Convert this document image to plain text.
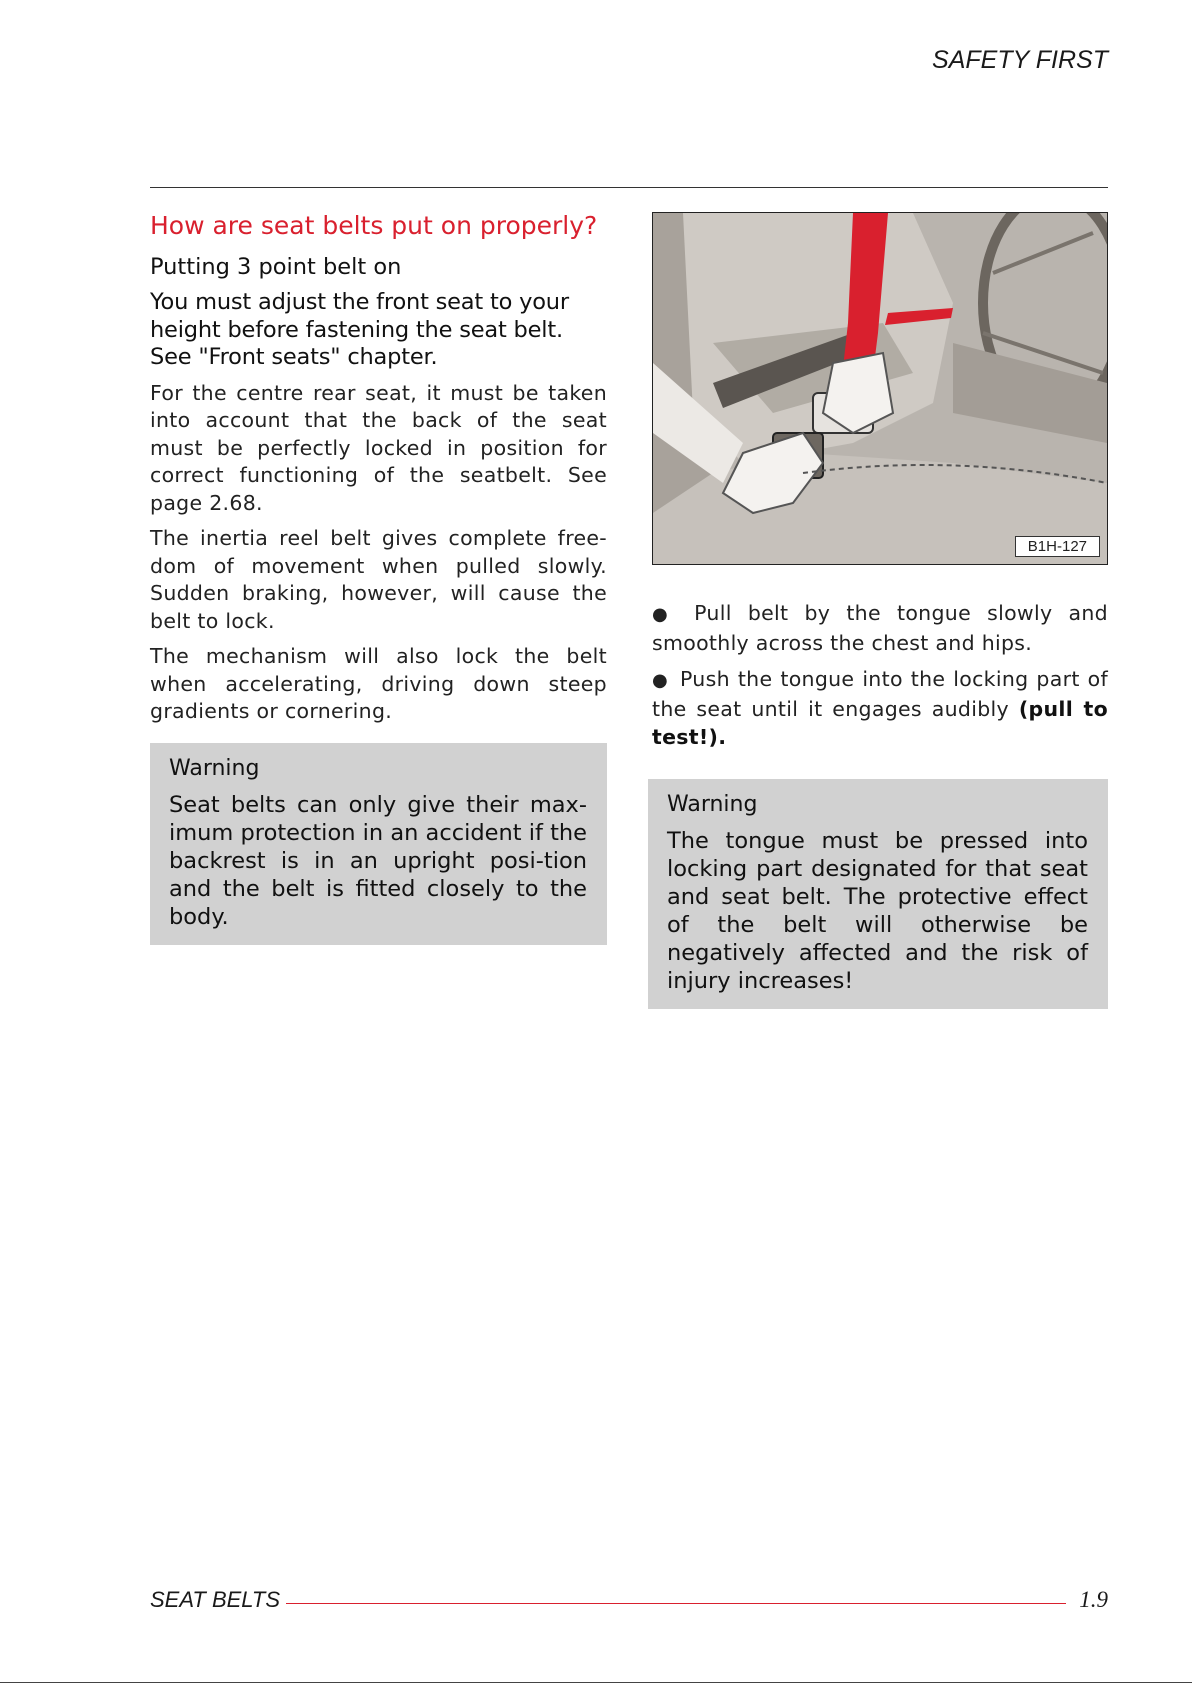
SAFETY FIRST
How are seat belts put on properly?
Putting 3 point belt on
You must adjust the front seat to your height before fastening the seat belt. See "Front seats" chapter.

For the centre rear seat, it must be taken into account that the back of the seat must be perfectly locked in position for correct functioning of the seatbelt. See page 2.68.

The inertia reel belt gives complete free-dom of movement when pulled slowly. Sudden braking, however, will cause the belt to lock.

The mechanism will also lock the belt when accelerating, driving down steep gradients or cornering.

Warning
Seat belts can only give their max-imum protection in an accident if the backrest is in an upright posi-tion and the belt is fitted closely to the body.
B1H-127

● Pull belt by the tongue slowly and smoothly across the chest and hips.

● Push the tongue into the locking part of the seat until it engages audibly (pull to test!).

Warning
The tongue must be pressed into locking part designated for that seat and seat belt. The protective effect of the belt will otherwise be negatively affected and the risk of injury increases!
SEAT BELTS	1.9
